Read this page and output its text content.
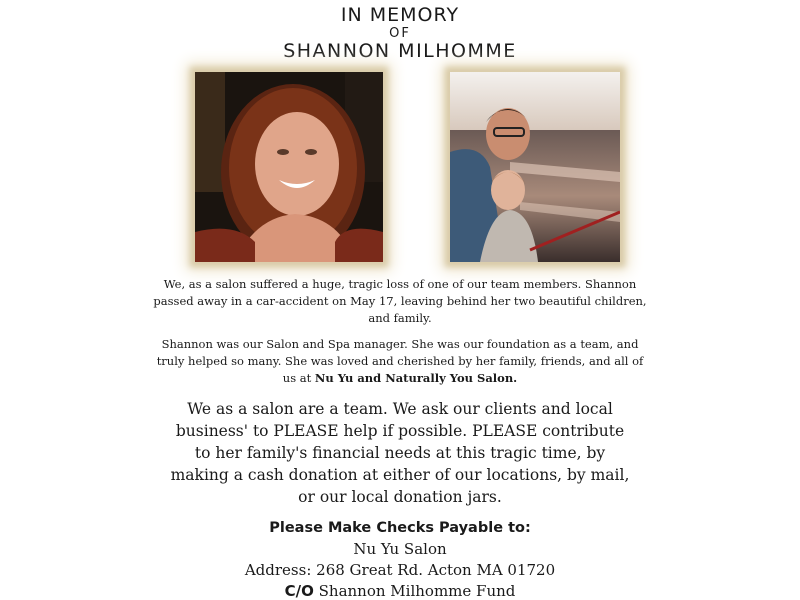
IN MEMORY
OF
SHANNON MILHOMME

We, as a salon suffered a huge, tragic loss of one of our team members. Shannon passed away in a car-accident on May 17, leaving behind her two beautiful children, and family.

Shannon was our Salon and Spa manager. She was our foundation as a team, and truly helped so many. She was loved and cherished by her family, friends, and all of us at Nu Yu and Naturally You Salon.

We as a salon are a team. We ask our clients and local business' to PLEASE help if possible. PLEASE contribute to her family's financial needs at this tragic time, by making a cash donation at either of our locations, by mail, or our local donation jars.

Please Make Checks Payable to:
Nu Yu Salon
Address: 268 Great Rd. Acton MA 01720
C/O Shannon Milhomme Fund
